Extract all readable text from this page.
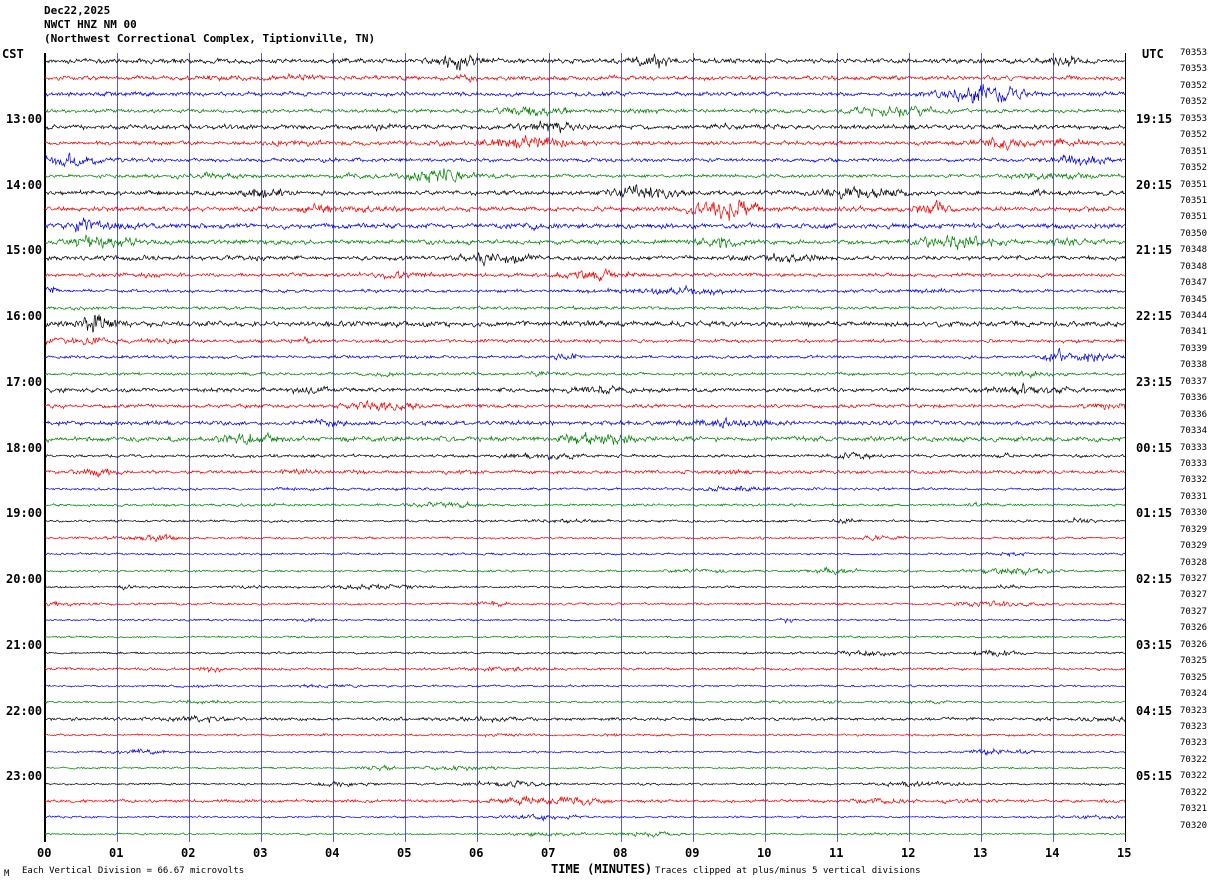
Dec22,2025
NWCT HNZ NM 00
(Northwest Correctional Complex, Tiptionville, TN)
CST	UTC
13:00
14:00
15:00
16:00
17:00
18:00
19:00
20:00
21:00
22:00
23:00
19:15
20:15
21:15
22:15
23:15
00:15
01:15
02:15
03:15
04:15
05:15
70353
70353
70352
70352
70353
70352
70351
70352
70351
70351
70351
70350
70348
70348
70347
70345
70344
70341
70339
70338
70337
70336
70336
70334
70333
70333
70332
70331
70330
70329
70329
70328
70327
70327
70327
70326
70326
70325
70325
70324
70323
70323
70323
70322
70322
70322
70321
70320
00	01	02	03	04	05	06	07	08	09	10	11	12	13	14	15
TIME (MINUTES)
M Each Vertical Division = 66.67 microvolts	Traces clipped at plus/minus 5 vertical divisions
